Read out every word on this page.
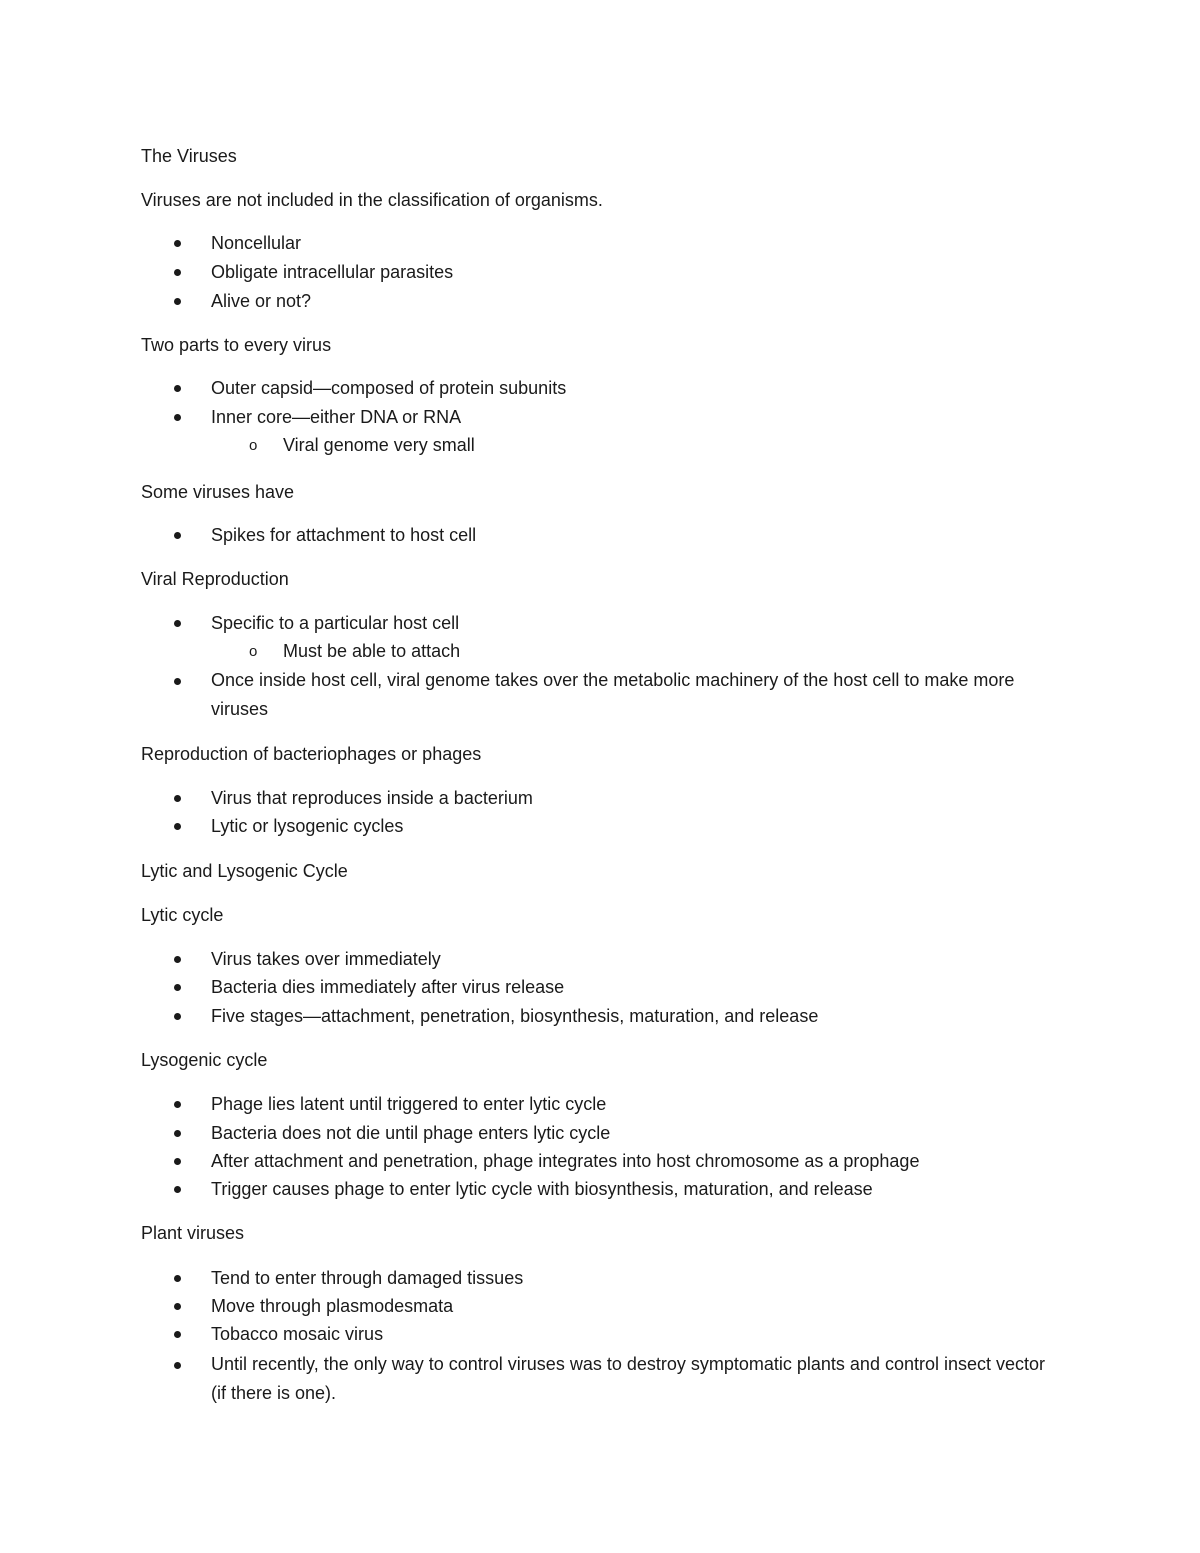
The Viruses

Viruses are not included in the classification of organisms.

Noncellular

Obligate intracellular parasites

Alive or not?

Two parts to every virus

Outer capsid—composed of protein subunits

Inner core—either DNA or RNA

o

Viral genome very small

Some viruses have

Spikes for attachment to host cell

Viral Reproduction

Specific to a particular host cell

o

Must be able to attach

Once inside host cell, viral genome takes over the metabolic machinery of the host cell to make more viruses

Reproduction of bacteriophages or phages

Virus that reproduces inside a bacterium

Lytic or lysogenic cycles

Lytic and Lysogenic Cycle

Lytic cycle

Virus takes over immediately

Bacteria dies immediately after virus release

Five stages—attachment, penetration, biosynthesis, maturation, and release

Lysogenic cycle

Phage lies latent until triggered to enter lytic cycle

Bacteria does not die until phage enters lytic cycle

After attachment and penetration, phage integrates into host chromosome as a prophage

Trigger causes phage to enter lytic cycle with biosynthesis, maturation, and release

Plant viruses

Tend to enter through damaged tissues

Move through plasmodesmata

Tobacco mosaic virus

Until recently, the only way to control viruses was to destroy symptomatic plants and control insect vector (if there is one).
